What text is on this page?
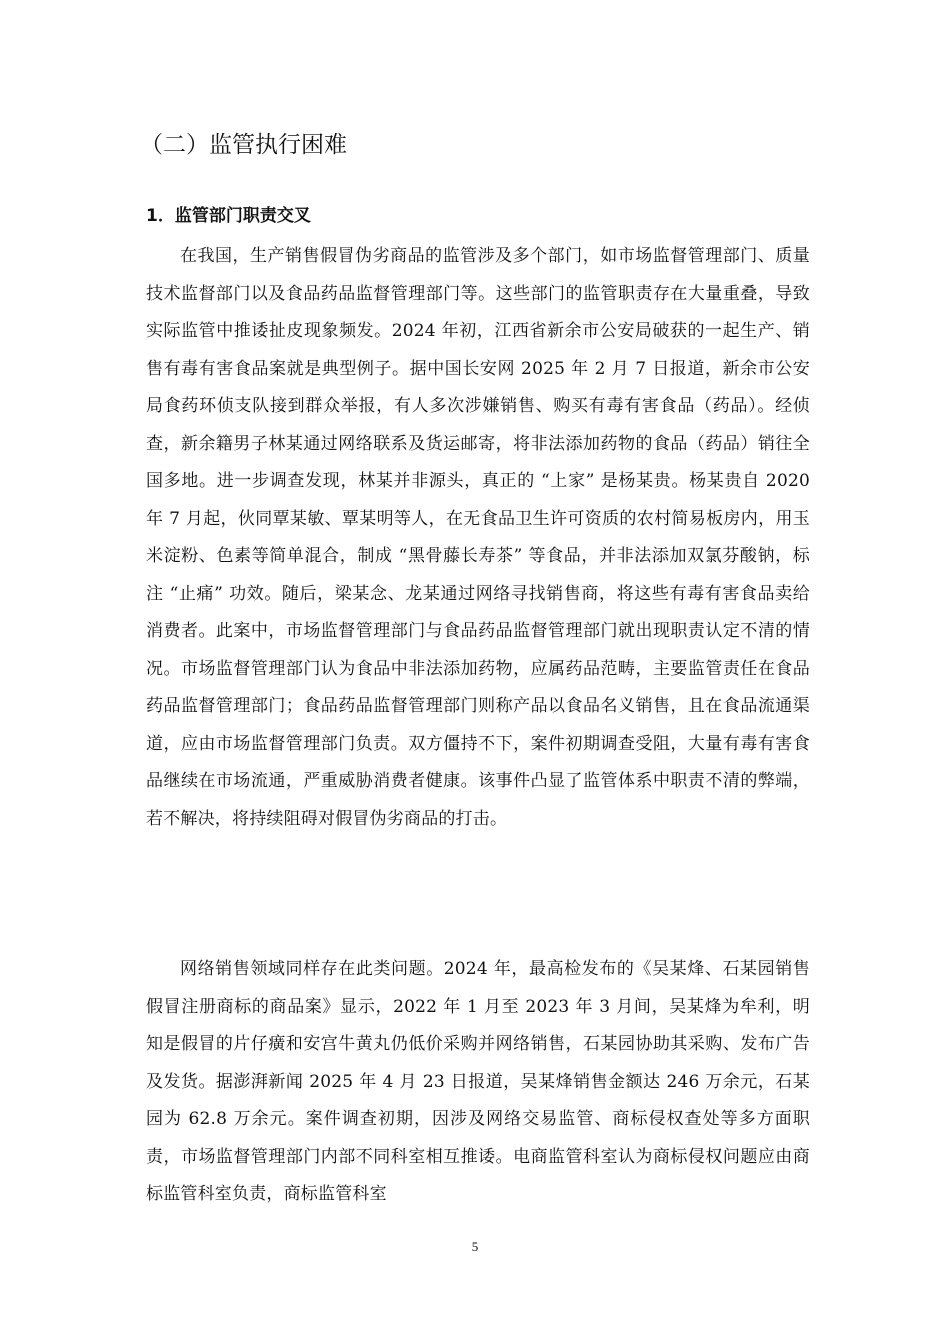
（二）监管执行困难
1．监管部门职责交叉

在我国，生产销售假冒伪劣商品的监管涉及多个部门，如市场监督管理部门、质量技术监督部门以及食品药品监督管理部门等。这些部门的监管职责存在大量重叠，导致实际监管中推诿扯皮现象频发。2024 年初，江西省新余市公安局破获的一起生产、销售有毒有害食品案就是典型例子。据中国长安网 2025 年 2 月 7 日报道，新余市公安局食药环侦支队接到群众举报，有人多次涉嫌销售、购买有毒有害食品（药品）。经侦查，新余籍男子林某通过网络联系及货运邮寄，将非法添加药物的食品（药品）销往全国多地。进一步调查发现，林某并非源头，真正的 “上家” 是杨某贵。杨某贵自 2020 年 7 月起，伙同覃某敏、覃某明等人，在无食品卫生许可资质的农村简易板房内，用玉米淀粉、色素等简单混合，制成 “黑骨藤长寿茶” 等食品，并非法添加双氯芬酸钠，标注 “止痛” 功效。随后，梁某念、龙某通过网络寻找销售商，将这些有毒有害食品卖给消费者。此案中，市场监督管理部门与食品药品监督管理部门就出现职责认定不清的情况。市场监督管理部门认为食品中非法添加药物，应属药品范畴，主要监管责任在食品药品监督管理部门；食品药品监督管理部门则称产品以食品名义销售，且在食品流通渠道，应由市场监督管理部门负责。双方僵持不下，案件初期调查受阻，大量有毒有害食品继续在市场流通，严重威胁消费者健康。该事件凸显了监管体系中职责不清的弊端，若不解决，将持续阻碍对假冒伪劣商品的打击。

网络销售领域同样存在此类问题。2024 年，最高检发布的《吴某烽、石某园销售假冒注册商标的商品案》显示，2022 年 1 月至 2023 年 3 月间，吴某烽为牟利，明知是假冒的片仔癀和安宫牛黄丸仍低价采购并网络销售，石某园协助其采购、发布广告及发货。据澎湃新闻 2025 年 4 月 23 日报道，吴某烽销售金额达 246 万余元，石某园为 62.8 万余元。案件调查初期，因涉及网络交易监管、商标侵权查处等多方面职责，市场监督管理部门内部不同科室相互推诿。电商监管科室认为商标侵权问题应由商标监管科室负责，商标监管科室

5
